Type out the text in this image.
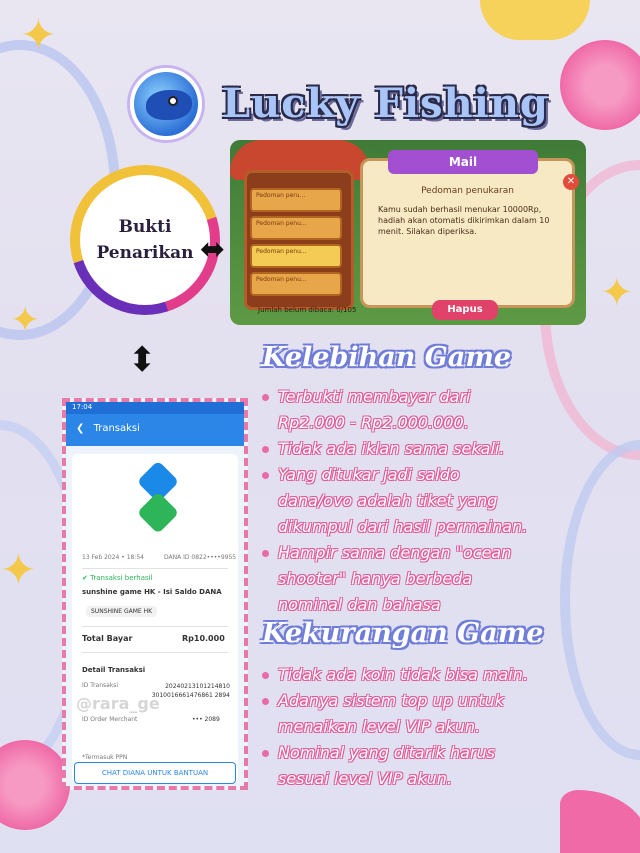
✦
✦
✦
✦
Lucky Fishing
Bukti
Penarikan ⬌
⬍
Pedoman peru...
Pedoman penu...
Pedoman penu...
Pedoman penu...
Mail
✕
Pedoman penukaran
Kamu sudah berhasil menukar 10000Rp, hadiah akan otomatis dikirimkan dalam 10 menit. Silakan diperiksa.
Hapus
Jumlah belum dibaca: 0/105
17:04
❮ Transaksi
13 Feb 2024 • 18:54	DANA ID 0822••••9955
✔ Transaksi berhasil
sunshine game HK - Isi Saldo DANA
SUNSHINE GAME HK
Total Bayar	Rp10.000
Detail Transaksi
ID Transaksi	20240213101214810 3010016661476861 2894
ID Order Merchant	••• 2089
*Termasuk PPN
@rara_ge
CHAT DIANA UNTUK BANTUAN
Kelebihan Game
Terbukti membayar dari
Rp2.000 - Rp2.000.000.
Tidak ada iklan sama sekali.
Yang ditukar jadi saldo
dana/ovo adalah tiket yang
dikumpul dari hasil permainan.
Hampir sama dengan "ocean
shooter" hanya berbeda
nominal dan bahasa
Kekurangan Game
Tidak ada koin tidak bisa main.
Adanya sistem top up untuk
menaikan level VIP akun.
Nominal yang ditarik harus
sesuai level VIP akun.
